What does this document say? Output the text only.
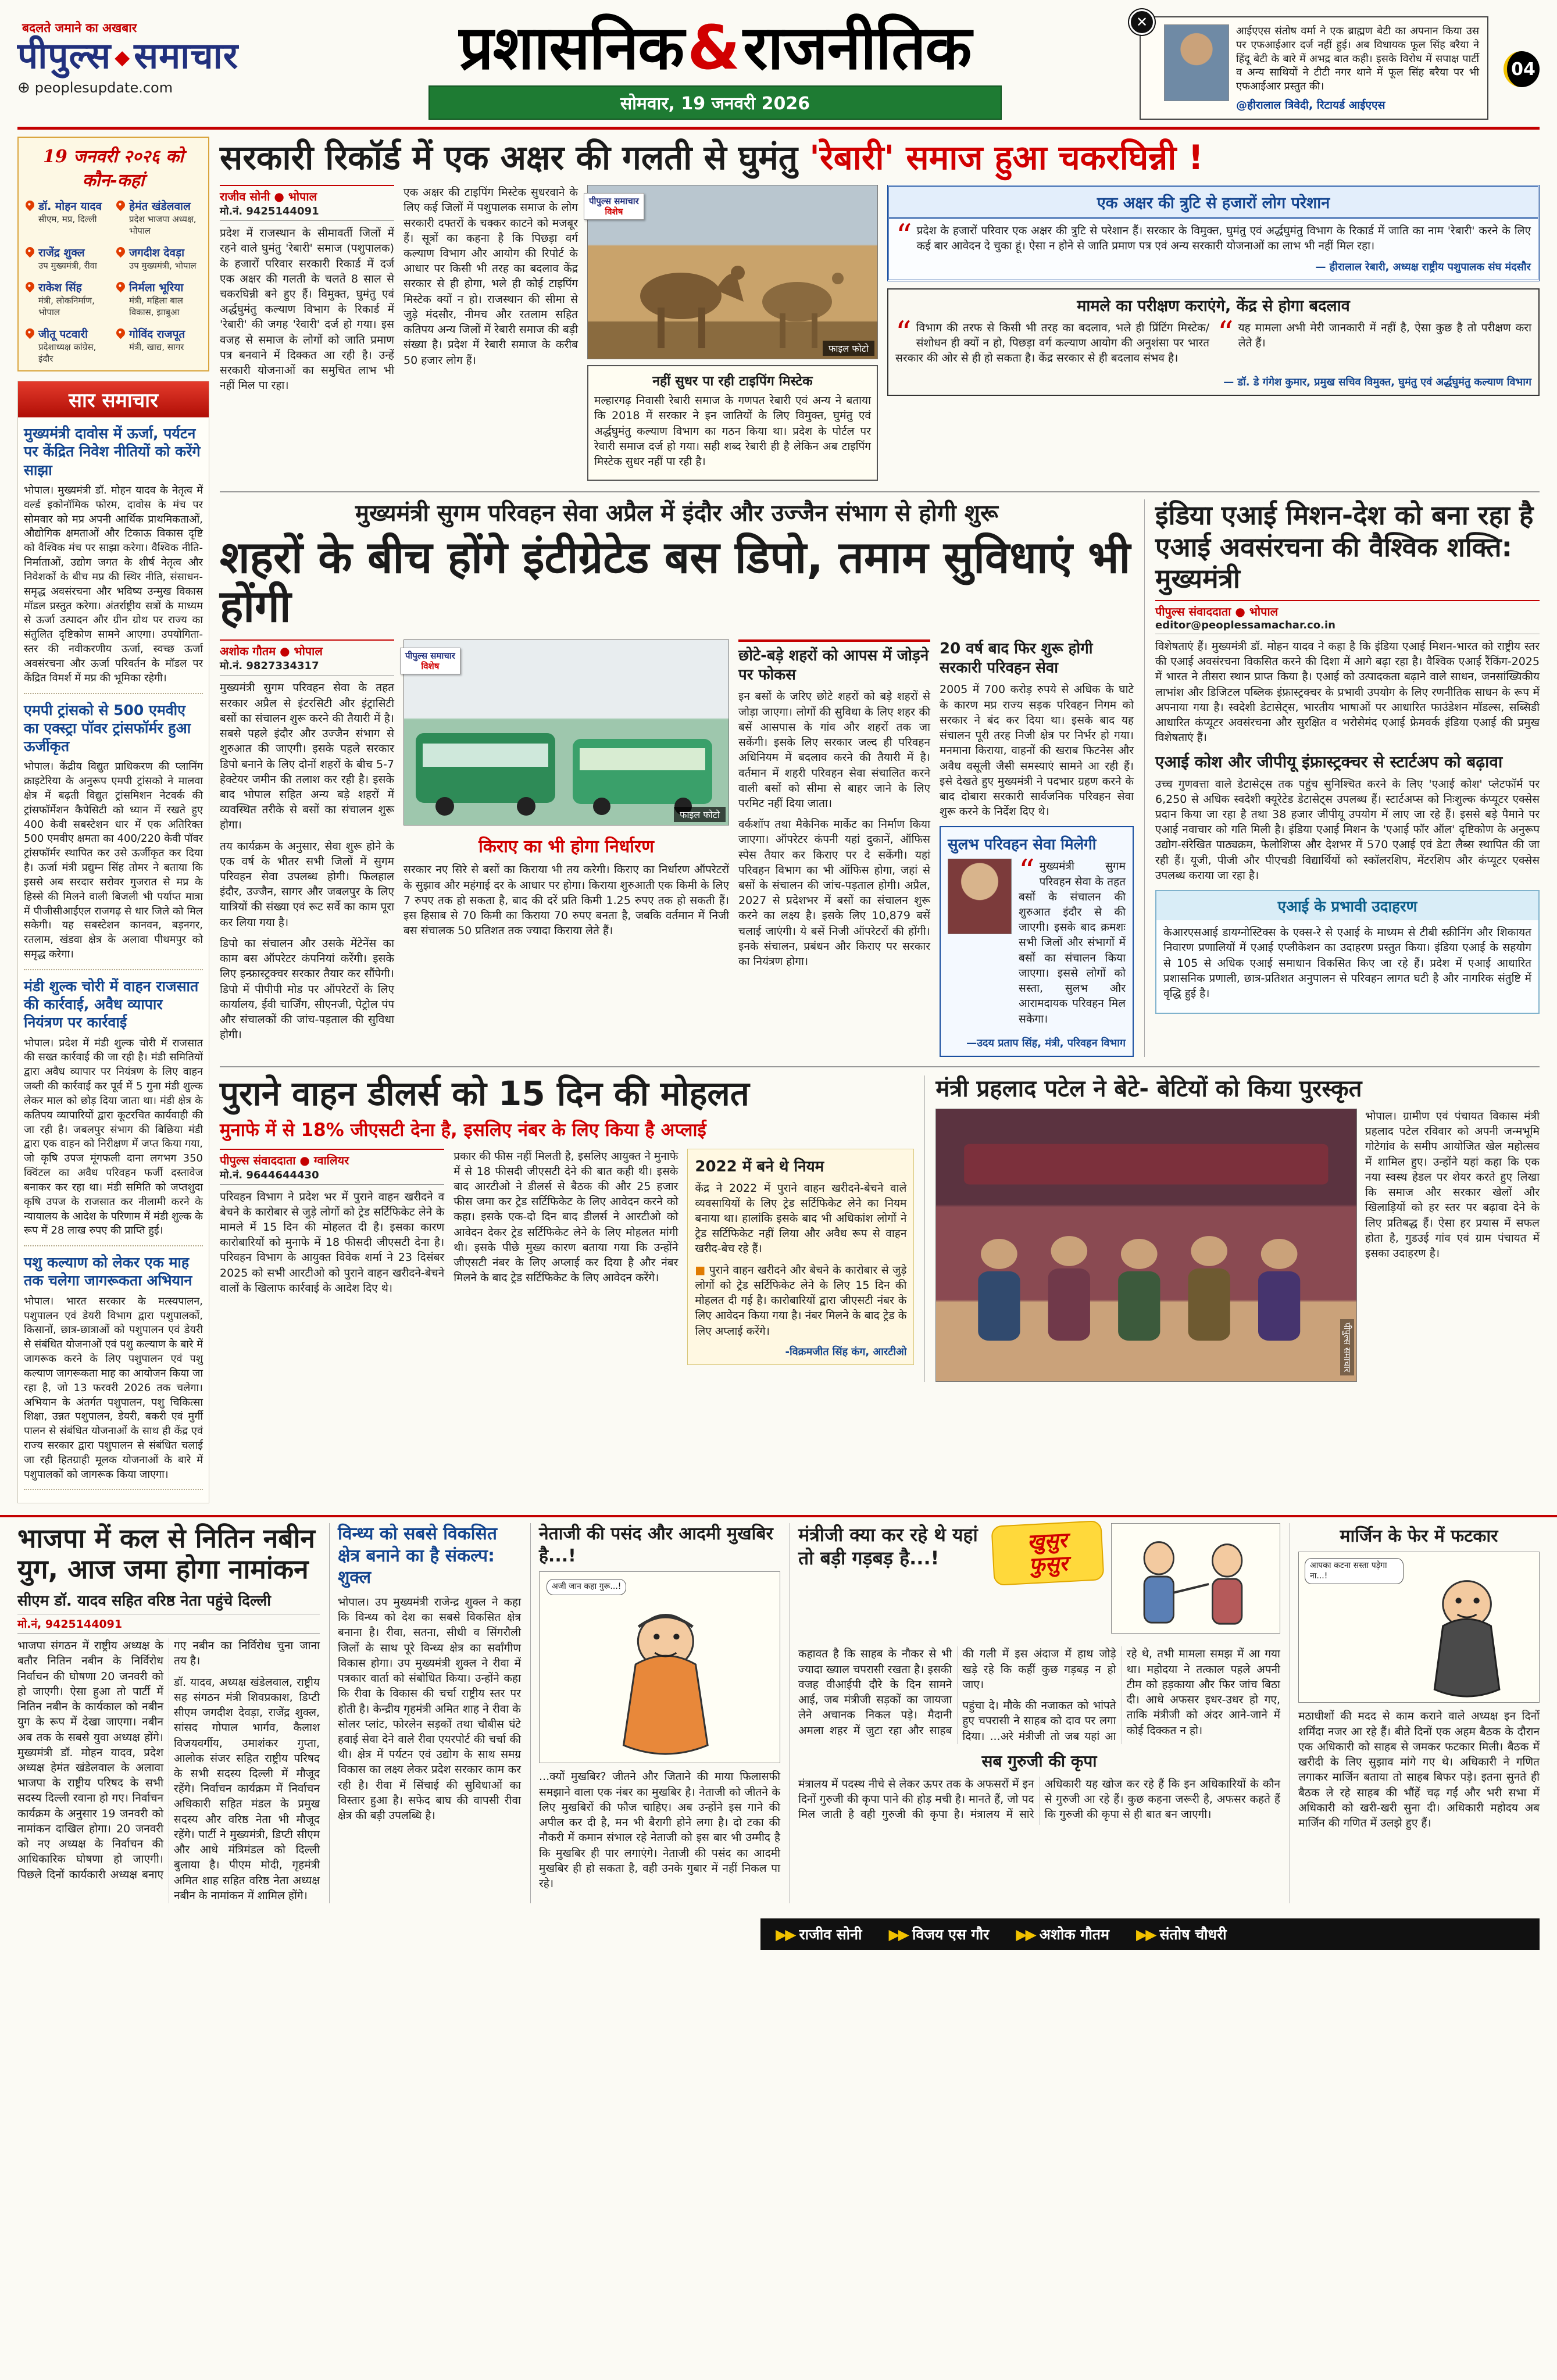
बदलते जमाने का अखबार
पीपुल्स ◆समाचार
⊕ peoplesupdate.com
प्रशासनिक&राजनीतिक
सोमवार, 19 जनवरी 2026
✕

आईएएस संतोष वर्मा ने एक ब्राह्मण बेटी का अपनान किया उस पर एफआईआर दर्ज नहीं हुई। अब विधायक फूल सिंह बरैया ने हिंदू बेटी के बारे में अभद्र बात कही। इसके विरोध में सपाक्ष पार्टी व अन्य साथियों ने टीटी नगर थाने में फूल सिंह बरैया पर भी एफआईआर प्रस्तुत की।

@हीरालाल त्रिवेदी, रिटायर्ड आईएएस
04
19 जनवरी २०२६ को कौन-कहां
डॉ. मोहन यादव
सीएम, मप्र, दिल्ली
हेमंत खंडेलवाल
प्रदेश भाजपा अध्यक्ष, भोपाल
राजेंद्र शुक्ल
उप मुख्यमंत्री, रीवा
जगदीश देवड़ा
उप मुख्यमंत्री, भोपाल
राकेश सिंह
मंत्री, लोकनिर्माण, भोपाल
निर्मला भूरिया
मंत्री, महिला बाल विकास, झाबुआ
जीतू पटवारी
प्रदेशाध्यक्ष कांग्रेस, इंदौर
गोविंद राजपूत
मंत्री, खाद्य, सागर
सार समाचार
मुख्यमंत्री दावोस में ऊर्जा, पर्यटन पर केंद्रित निवेश नीतियों को करेंगे साझा

भोपाल। मुख्यमंत्री डॉ. मोहन यादव के नेतृत्व में वर्ल्ड इकोनॉमिक फोरम, दावोस के मंच पर सोमवार को मप्र अपनी आर्थिक प्राथमिकताओं, औद्योगिक क्षमताओं और टिकाऊ विकास दृष्टि को वैश्विक मंच पर साझा करेगा। वैश्विक नीति-निर्माताओं, उद्योग जगत के शीर्ष नेतृत्व और निवेशकों के बीच मप्र की स्थिर नीति, संसाधन-समृद्ध अवसंरचना और भविष्य उन्मुख विकास मॉडल प्रस्तुत करेगा। अंतर्राष्ट्रीय सत्रों के माध्यम से ऊर्जा उत्पादन और ग्रीन ग्रोथ पर राज्य का संतुलित दृष्टिकोण सामने आएगा। उपयोगिता-स्तर की नवीकरणीय ऊर्जा, स्वच्छ ऊर्जा अवसंरचना और ऊर्जा परिवर्तन के मॉडल पर केंद्रित विमर्श में मप्र की भूमिका रहेगी।

एमपी ट्रांसको से 500 एमवीए का एक्स्ट्रा पॉवर ट्रांसफॉर्मर हुआ ऊर्जीकृत

भोपाल। केंद्रीय विद्युत प्राधिकरण की प्लानिंग क्राइटेरिया के अनुरूप एमपी ट्रांसको ने मालवा क्षेत्र में बढ़ती विद्युत ट्रांसमिशन नेटवर्क की ट्रांसफॉर्मेशन कैपेसिटी को ध्यान में रखते हुए 400 केवी सबस्टेशन धार में एक अतिरिक्त 500 एमवीए क्षमता का 400/220 केवी पॉवर ट्रांसफॉर्मर स्थापित कर उसे ऊर्जीकृत कर दिया है। ऊर्जा मंत्री प्रद्युम्न सिंह तोमर ने बताया कि इससे अब सरदार सरोवर गुजरात से मप्र के हिस्से की मिलने वाली बिजली भी पर्याप्त मात्रा में पीजीसीआईएल राजगढ़ से धार जिले को मिल सकेगी। यह सबस्टेशन कानवन, बड़नगर, रतलाम, खंडवा क्षेत्र के अलावा पीथमपुर को समृद्ध करेगा।

मंडी शुल्क चोरी में वाहन राजसात की कार्रवाई, अवैध व्यापार नियंत्रण पर कार्रवाई

भोपाल। प्रदेश में मंडी शुल्क चोरी में राजसात की सख्त कार्रवाई की जा रही है। मंडी समितियों द्वारा अवैध व्यापार पर नियंत्रण के लिए वाहन जब्ती की कार्रवाई कर पूर्व में 5 गुना मंडी शुल्क लेकर माल को छोड़ दिया जाता था। मंडी क्षेत्र के कतिपय व्यापारियों द्वारा कूटरचित कार्यवाही की जा रही है। जबलपुर संभाग की बिछिया मंडी द्वारा एक वाहन को निरीक्षण में जप्त किया गया, जो कृषि उपज मूंगफली दाना लगभग 350 क्विंटल का अवैध परिवहन फर्जी दस्तावेज बनाकर कर रहा था। मंडी समिति को जप्तशुदा कृषि उपज के राजसात कर नीलामी करने के न्यायालय के आदेश के परिणाम में मंडी शुल्क के रूप में 28 लाख रुपए की प्राप्ति हुई।

पशु कल्याण को लेकर एक माह तक चलेगा जागरूकता अभियान

भोपाल। भारत सरकार के मत्स्यपालन, पशुपालन एवं डेयरी विभाग द्वारा पशुपालकों, किसानों, छात्र-छात्राओं को पशुपालन एवं डेयरी से संबंधित योजनाओं एवं पशु कल्याण के बारे में जागरूक करने के लिए पशुपालन एवं पशु कल्याण जागरूकता माह का आयोजन किया जा रहा है, जो 13 फरवरी 2026 तक चलेगा। अभियान के अंतर्गत पशुपालन, पशु चिकित्सा शिक्षा, उन्नत पशुपालन, डेयरी, बकरी एवं मुर्गी पालन से संबंधित योजनाओं के साथ ही केंद्र एवं राज्य सरकार द्वारा पशुपालन से संबंधित चलाई जा रही हितग्राही मूलक योजनाओं के बारे में पशुपालकों को जागरूक किया जाएगा।

सरकारी रिकॉर्ड में एक अक्षर की गलती से घुमंतु 'रेबारी' समाज हुआ चकरघिन्नी !
राजीव सोनी ● भोपाल
मो.नं. 9425144091

प्रदेश में राजस्थान के सीमावर्ती जिलों में रहने वाले घुमंतु 'रेबारी' समाज (पशुपालक) के हजारों परिवार सरकारी रिकार्ड में दर्ज एक अक्षर की गलती के चलते 8 साल से चकरघिन्नी बने हुए हैं। विमुक्त, घुमंतु एवं अर्द्धघुमंतु कल्याण विभाग के रिकार्ड में 'रेबारी' की जगह 'रेवारी' दर्ज हो गया। इस वजह से समाज के लोगों को जाति प्रमाण पत्र बनवाने में दिक्कत आ रही है। उन्हें सरकारी योजनाओं का समुचित लाभ भी नहीं मिल पा रहा।

एक अक्षर की टाइपिंग मिस्टेक सुधरवाने के लिए कई जिलों में पशुपालक समाज के लोग सरकारी दफ्तरों के चक्कर काटने को मजबूर हैं। सूत्रों का कहना है कि पिछड़ा वर्ग कल्याण विभाग और आयोग की रिपोर्ट के आधार पर किसी भी तरह का बदलाव केंद्र सरकार से ही होगा, भले ही कोई टाइपिंग मिस्टेक क्यों न हो। राजस्थान की सीमा से जुड़े मंदसौर, नीमच और रतलाम सहित कतिपय अन्य जिलों में रेबारी समाज की बड़ी संख्या है। प्रदेश में रेबारी समाज के करीब 50 हजार लोग हैं।

पीपुल्स समाचार
विशेष
फाइल फोटो
नहीं सुधर पा रही टाइपिंग मिस्टेक

मल्हारगढ़ निवासी रेबारी समाज के गणपत रेबारी एवं अन्य ने बताया कि 2018 में सरकार ने इन जातियों के लिए विमुक्त, घुमंतु एवं अर्द्धघुमंतु कल्याण विभाग का गठन किया था। प्रदेश के पोर्टल पर रेवारी समाज दर्ज हो गया। सही शब्द रेबारी ही है लेकिन अब टाइपिंग मिस्टेक सुधर नहीं पा रही है।

एक अक्षर की त्रुटि से हजारों लोग परेशान

“ प्रदेश के हजारों परिवार एक अक्षर की त्रुटि से परेशान हैं। सरकार के विमुक्त, घुमंतु एवं अर्द्धघुमंतु विभाग के रिकार्ड में जाति का नाम 'रेबारी' करने के लिए कई बार आवेदन दे चुका हूं। ऐसा न होने से जाति प्रमाण पत्र एवं अन्य सरकारी योजनाओं का लाभ भी नहीं मिल रहा।

— हीरालाल रेबारी, अध्यक्ष राष्ट्रीय पशुपालक संघ मंदसौर
मामले का परीक्षण कराएंगे, केंद्र से होगा बदलाव

“ विभाग की तरफ से किसी भी तरह का बदलाव, भले ही प्रिंटिंग मिस्टेक/संशोधन ही क्यों न हो, पिछड़ा वर्ग कल्याण आयोग की अनुशंसा पर भारत सरकार की ओर से ही हो सकता है। केंद्र सरकार से ही बदलाव संभव है।

“ यह मामला अभी मेरी जानकारी में नहीं है, ऐसा कुछ है तो परीक्षण करा लेते हैं।

— डॉ. डे गंगेश कुमार, प्रमुख सचिव विमुक्त, घुमंतु एवं अर्द्धघुमंतु कल्याण विभाग
मुख्यमंत्री सुगम परिवहन सेवा अप्रैल में इंदौर और उज्जैन संभाग से होगी शुरू
शहरों के बीच होंगे इंटीग्रेटेड बस डिपो, तमाम सुविधाएं भी होंगी
अशोक गौतम ● भोपाल
मो.नं. 9827334317

मुख्यमंत्री सुगम परिवहन सेवा के तहत सरकार अप्रैल से इंटरसिटी और इंट्रासिटी बसों का संचालन शुरू करने की तैयारी में है। सबसे पहले इंदौर और उज्जैन संभाग से शुरुआत की जाएगी। इसके पहले सरकार डिपो बनाने के लिए दोनों शहरों के बीच 5-7 हेक्टेयर जमीन की तलाश कर रही है। इसके बाद भोपाल सहित अन्य बड़े शहरों में व्यवस्थित तरीके से बसों का संचालन शुरू होगा।

तय कार्यक्रम के अनुसार, सेवा शुरू होने के एक वर्ष के भीतर सभी जिलों में सुगम परिवहन सेवा उपलब्ध होगी। फिलहाल इंदौर, उज्जैन, सागर और जबलपुर के लिए यात्रियों की संख्या एवं रूट सर्वे का काम पूरा कर लिया गया है।

डिपो का संचालन और उसके मेंटेनेंस का काम बस ऑपरेटर कंपनियां करेंगी। इसके लिए इन्फ्रास्ट्रक्चर सरकार तैयार कर सौंपेगी। डिपो में पीपीपी मोड पर ऑपरेटरों के लिए कार्यालय, ईवी चार्जिंग, सीएनजी, पेट्रोल पंप और संचालकों की जांच-पड़ताल की सुविधा होगी।

पीपुल्स समाचार
विशेष
फाइल फोटो
किराए का भी होगा निर्धारण

सरकार नए सिरे से बसों का किराया भी तय करेगी। किराए का निर्धारण ऑपरेटरों के सुझाव और महंगाई दर के आधार पर होगा। किराया शुरुआती एक किमी के लिए 7 रुपए तक हो सकता है, बाद की दरें प्रति किमी 1.25 रुपए तक हो सकती हैं। इस हिसाब से 70 किमी का किराया 70 रुपए बनता है, जबकि वर्तमान में निजी बस संचालक 50 प्रतिशत तक ज्यादा किराया लेते हैं।

छोटे-बड़े शहरों को आपस में जोड़ने पर फोकस

इन बसों के जरिए छोटे शहरों को बड़े शहरों से जोड़ा जाएगा। लोगों की सुविधा के लिए शहर की बसें आसपास के गांव और शहरों तक जा सकेंगी। इसके लिए सरकार जल्द ही परिवहन अधिनियम में बदलाव करने की तैयारी में है। वर्तमान में शहरी परिवहन सेवा संचालित करने वाली बसों को सीमा से बाहर जाने के लिए परमिट नहीं दिया जाता।

वर्कशॉप तथा मैकेनिक मार्केट का निर्माण किया जाएगा। ऑपरेटर कंपनी यहां दुकानें, ऑफिस स्पेस तैयार कर किराए पर दे सकेंगी। यहां परिवहन विभाग का भी ऑफिस होगा, जहां से बसों के संचालन की जांच-पड़ताल होगी। अप्रैल, 2027 से प्रदेशभर में बसों का संचालन शुरू करने का लक्ष्य है। इसके लिए 10,879 बसें चलाई जाएंगी। ये बसें निजी ऑपरेटरों की होंगी। इनके संचालन, प्रबंधन और किराए पर सरकार का नियंत्रण होगा।

20 वर्ष बाद फिर शुरू होगी सरकारी परिवहन सेवा

2005 में 700 करोड़ रुपये से अधिक के घाटे के कारण मप्र राज्य सड़क परिवहन निगम को सरकार ने बंद कर दिया था। इसके बाद यह संचालन पूरी तरह निजी क्षेत्र पर निर्भर हो गया। मनमाना किराया, वाहनों की खराब फिटनेस और अवैध वसूली जैसी समस्याएं सामने आ रही हैं। इसे देखते हुए मुख्यमंत्री ने पदभार ग्रहण करने के बाद दोबारा सरकारी सार्वजनिक परिवहन सेवा शुरू करने के निर्देश दिए थे।

सुलभ परिवहन सेवा मिलेगी

“ मुख्यमंत्री सुगम परिवहन सेवा के तहत बसों के संचालन की शुरुआत इंदौर से की जाएगी। इसके बाद क्रमशः सभी जिलों और संभागों में बसों का संचालन किया जाएगा। इससे लोगों को सस्ता, सुलभ और आरामदायक परिवहन मिल सकेगा।

—उदय प्रताप सिंह, मंत्री, परिवहन विभाग
इंडिया एआई मिशन-देश को बना रहा है एआई अवसंरचना की वैश्विक शक्ति: मुख्यमंत्री
पीपुल्स संवाददाता ● भोपाल
editor@peoplessamachar.co.in

विशेषताएं हैं। मुख्यमंत्री डॉ. मोहन यादव ने कहा है कि इंडिया एआई मिशन-भारत को राष्ट्रीय स्तर की एआई अवसंरचना विकसित करने की दिशा में आगे बढ़ा रहा है। वैश्विक एआई रैंकिंग-2025 में भारत ने तीसरा स्थान प्राप्त किया है। एआई को उत्पादकता बढ़ाने वाले साधन, जनसांख्यिकीय लाभांश और डिजिटल पब्लिक इंफ्रास्ट्रक्चर के प्रभावी उपयोग के लिए रणनीतिक साधन के रूप में अपनाया गया है। स्वदेशी डेटासेट्स, भारतीय भाषाओं पर आधारित फाउंडेशन मॉडल्स, सब्सिडी आधारित कंप्यूटर अवसंरचना और सुरक्षित व भरोसेमंद एआई फ्रेमवर्क इंडिया एआई की प्रमुख विशेषताएं हैं।

एआई कोश और जीपीयू इंफ्रास्ट्रक्चर से स्टार्टअप को बढ़ावा

उच्च गुणवत्ता वाले डेटासेट्स तक पहुंच सुनिश्चित करने के लिए 'एआई कोश' प्लेटफॉर्म पर 6,250 से अधिक स्वदेशी क्यूरेटेड डेटासेट्स उपलब्ध हैं। स्टार्टअप्स को निःशुल्क कंप्यूटर एक्सेस प्रदान किया जा रहा है तथा 38 हजार जीपीयू उपयोग में लाए जा रहे हैं। इससे बड़े पैमाने पर एआई नवाचार को गति मिली है। इंडिया एआई मिशन के 'एआई फॉर ऑल' दृष्टिकोण के अनुरूप उद्योग-संरेखित पाठ्यक्रम, फेलोशिप्स और देशभर में 570 एआई एवं डेटा लैब्स स्थापित की जा रही हैं। यूजी, पीजी और पीएचडी विद्यार्थियों को स्कॉलरशिप, मेंटरशिप और कंप्यूटर एक्सेस उपलब्ध कराया जा रहा है।

एआई के प्रभावी उदाहरण

केआरएसआई डायग्नोस्टिक्स के एक्स-रे से एआई के माध्यम से टीबी स्क्रीनिंग और शिकायत निवारण प्रणालियों में एआई एप्लीकेशन का उदाहरण प्रस्तुत किया। इंडिया एआई के सहयोग से 105 से अधिक एआई समाधान विकसित किए जा रहे हैं। प्रदेश में एआई आधारित प्रशासनिक प्रणाली, छात्र-प्रतिशत अनुपालन से परिवहन लागत घटी है और नागरिक संतुष्टि में वृद्धि हुई है।

पुराने वाहन डीलर्स को 15 दिन की मोहलत
मुनाफे में से 18% जीएसटी देना है, इसलिए नंबर के लिए किया है अप्लाई
पीपुल्स संवाददाता ● ग्वालियर
मो.नं. 9644644430

परिवहन विभाग ने प्रदेश भर में पुराने वाहन खरीदने व बेचने के कारोबार से जुड़े लोगों को ट्रेड सर्टिफिकेट लेने के मामले में 15 दिन की मोहलत दी है। इसका कारण कारोबारियों को मुनाफे में 18 फीसदी जीएसटी देना है। परिवहन विभाग के आयुक्त विवेक शर्मा ने 23 दिसंबर 2025 को सभी आरटीओ को पुराने वाहन खरीदने-बेचने वालों के खिलाफ कार्रवाई के आदेश दिए थे।

प्रकार की फीस नहीं मिलती है, इसलिए आयुक्त ने मुनाफे में से 18 फीसदी जीएसटी देने की बात कही थी। इसके बाद आरटीओ ने डीलर्स से बैठक की और 25 हजार फीस जमा कर ट्रेड सर्टिफिकेट के लिए आवेदन करने को कहा। इसके एक-दो दिन बाद डीलर्स ने आरटीओ को आवेदन देकर ट्रेड सर्टिफिकेट लेने के लिए मोहलत मांगी थी। इसके पीछे मुख्य कारण बताया गया कि उन्होंने जीएसटी नंबर के लिए अप्लाई कर दिया है और नंबर मिलने के बाद ट्रेड सर्टिफिकेट के लिए आवेदन करेंगे।

2022 में बने थे नियम

केंद्र ने 2022 में पुराने वाहन खरीदने-बेचने वाले व्यवसायियों के लिए ट्रेड सर्टिफिकेट लेने का नियम बनाया था। हालांकि इसके बाद भी अधिकांश लोगों ने ट्रेड सर्टिफिकेट नहीं लिया और अवैध रूप से वाहन खरीद-बेच रहे हैं।

■ पुराने वाहन खरीदने और बेचने के कारोबार से जुड़े लोगों को ट्रेड सर्टिफिकेट लेने के लिए 15 दिन की मोहलत दी गई है। कारोबारियों द्वारा जीएसटी नंबर के लिए आवेदन किया गया है। नंबर मिलने के बाद ट्रेड के लिए अप्लाई करेंगे।

-विक्रमजीत सिंह कंग, आरटीओ
मंत्री प्रहलाद पटेल ने बेटे- बेटियों को किया पुरस्कृत
पीपुल्स समाचार

भोपाल। ग्रामीण एवं पंचायत विकास मंत्री प्रहलाद पटेल रविवार को अपनी जन्मभूमि गोटेगांव के समीप आयोजित खेल महोत्सव में शामिल हुए। उन्होंने यहां कहा कि एक नया स्वस्थ हेडल पर शेयर करते हुए लिखा कि समाज और सरकार खेलों और खिलाड़ियों को हर स्तर पर बढ़ावा देने के लिए प्रतिबद्ध हैं। ऐसा हर प्रयास में सफल होता है, गुडउई गांव एवं ग्राम पंचायत में इसका उदाहरण है।

भाजपा में कल से नितिन नबीन युग, आज जमा होगा नामांकन
सीएम डॉ. यादव सहित वरिष्ठ नेता पहुंचे दिल्ली
मो.नं, 9425144091

भाजपा संगठन में राष्ट्रीय अध्यक्ष के बतौर नितिन नबीन के निर्विरोध निर्वाचन की घोषणा 20 जनवरी को हो जाएगी। ऐसा हुआ तो पार्टी में नितिन नबीन के कार्यकाल को नबीन युग के रूप में देखा जाएगा। नबीन अब तक के सबसे युवा अध्यक्ष होंगे। मुख्यमंत्री डॉ. मोहन यादव, प्रदेश अध्यक्ष हेमंत खंडेलवाल के अलावा भाजपा के राष्ट्रीय परिषद के सभी सदस्य दिल्ली रवाना हो गए। निर्वाचन कार्यक्रम के अनुसार 19 जनवरी को नामांकन दाखिल होगा। 20 जनवरी को नए अध्यक्ष के निर्वाचन की आधिकारिक घोषणा हो जाएगी। पिछले दिनों कार्यकारी अध्यक्ष बनाए गए नबीन का निर्विरोध चुना जाना तय है।

डॉ. यादव, अध्यक्ष खंडेलवाल, राष्ट्रीय सह संगठन मंत्री शिवप्रकाश, डिप्टी सीएम जगदीश देवड़ा, राजेंद्र शुक्ल, सांसद गोपाल भार्गव, कैलाश विजयवर्गीय, उमाशंकर गुप्ता, आलोक संजर सहित राष्ट्रीय परिषद के सभी सदस्य दिल्ली में मौजूद रहेंगे। निर्वाचन कार्यक्रम में निर्वाचन अधिकारी सहित मंडल के प्रमुख सदस्य और वरिष्ठ नेता भी मौजूद रहेंगे। पार्टी ने मुख्यमंत्री, डिप्टी सीएम और आधे मंत्रिमंडल को दिल्ली बुलाया है। पीएम मोदी, गृहमंत्री अमित शाह सहित वरिष्ठ नेता अध्यक्ष नबीन के नामांकन में शामिल होंगे।

विन्ध्य को सबसे विकसित क्षेत्र बनाने का है संकल्प: शुक्ल

भोपाल। उप मुख्यमंत्री राजेन्द्र शुक्ल ने कहा कि विन्ध्य को देश का सबसे विकसित क्षेत्र बनाना है। रीवा, सतना, सीधी व सिंगरौली जिलों के साथ पूरे विन्ध्य क्षेत्र का सर्वांगीण विकास होगा। उप मुख्यमंत्री शुक्ल ने रीवा में पत्रकार वार्ता को संबोधित किया। उन्होंने कहा कि रीवा के विकास की चर्चा राष्ट्रीय स्तर पर होती है। केन्द्रीय गृहमंत्री अमित शाह ने रीवा के सोलर प्लांट, फोरलेन सड़कों तथा चौबीस घंटे हवाई सेवा देने वाले रीवा एयरपोर्ट की चर्चा की थी। क्षेत्र में पर्यटन एवं उद्योग के साथ समग्र विकास का लक्ष्य लेकर प्रदेश सरकार काम कर रही है। रीवा में सिंचाई की सुविधाओं का विस्तार हुआ है। सफेद बाघ की वापसी रीवा क्षेत्र की बड़ी उपलब्धि है।

नेताजी की पसंद और आदमी मुखबिर है...!
अजी जान कहा गुरू...!

...क्यों मुखबिर? जीतने और जिताने की माया फिलासफी समझाने वाला एक नंबर का मुखबिर है। नेताजी को जीतने के लिए मुखबिरों की फौज चाहिए। अब उन्होंने इस गाने की अपील कर दी है, मन भी बैरागी होने लगा है। दो टका की नौकरी में कमान संभाल रहे नेताजी को इस बार भी उम्मीद है कि मुखबिर ही पार लगाएंगे। नेताजी की पसंद का आदमी मुखबिर ही हो सकता है, वही उनके गुबार में नहीं निकल पा रहे।

मंत्रीजी क्या कर रहे थे यहां तो बड़ी गड़बड़ है...!
खुसुर
फुसुर

कहावत है कि साहब के नौकर से भी ज्यादा ख्याल चपरासी रखता है। इसकी वजह वीआईपी दौरे के दिन सामने आई, जब मंत्रीजी सड़कों का जायजा लेने अचानक निकल पड़े। मैदानी अमला शहर में जुटा रहा और साहब की गली में इस अंदाज में हाथ जोड़े खड़े रहे कि कहीं कुछ गड़बड़ न हो जाए।

पहुंचा दे। मौके की नजाकत को भांपते हुए चपरासी ने साहब को दाव पर लगा दिया। ...अरे मंत्रीजी तो जब यहां आ रहे थे, तभी मामला समझ में आ गया था। महोदया ने तत्काल पहले अपनी टीम को हड़काया और फिर जांच बिठा दी। आधे अफसर इधर-उधर हो गए, ताकि मंत्रीजी को अंदर आने-जाने में कोई दिक्कत न हो।

सब गुरुजी की कृपा

मंत्रालय में पदस्थ नीचे से लेकर ऊपर तक के अफसरों में इन दिनों गुरुजी की कृपा पाने की होड़ मची है। मानते हैं, जो पद मिल जाती है वही गुरुजी की कृपा है। मंत्रालय में सारे अधिकारी यह खोज कर रहे हैं कि इन अधिकारियों के कौन से गुरुजी आ रहे हैं। कुछ कहना जरूरी है, अफसर कहते हैं कि गुरुजी की कृपा से ही बात बन जाएगी।

मार्जिन के फेर में फटकार
आपका कटना सस्ता पड़ेगा ना...!

मठाधीशों की मदद से काम कराने वाले अध्यक्ष इन दिनों शर्मिंदा नजर आ रहे हैं। बीते दिनों एक अहम बैठक के दौरान एक अधिकारी को साहब से जमकर फटकार मिली। बैठक में खरीदी के लिए सुझाव मांगे गए थे। अधिकारी ने गणित लगाकर मार्जिन बताया तो साहब बिफर पड़े। इतना सुनते ही बैठक ले रहे साहब की भौंहें चढ़ गईं और भरी सभा में अधिकारी को खरी-खरी सुना दी। अधिकारी महोदय अब मार्जिन की गणित में उलझे हुए हैं।

▶▶ राजीव सोनी ▶▶ विजय एस गौर ▶▶ अशोक गौतम ▶▶ संतोष चौधरी
